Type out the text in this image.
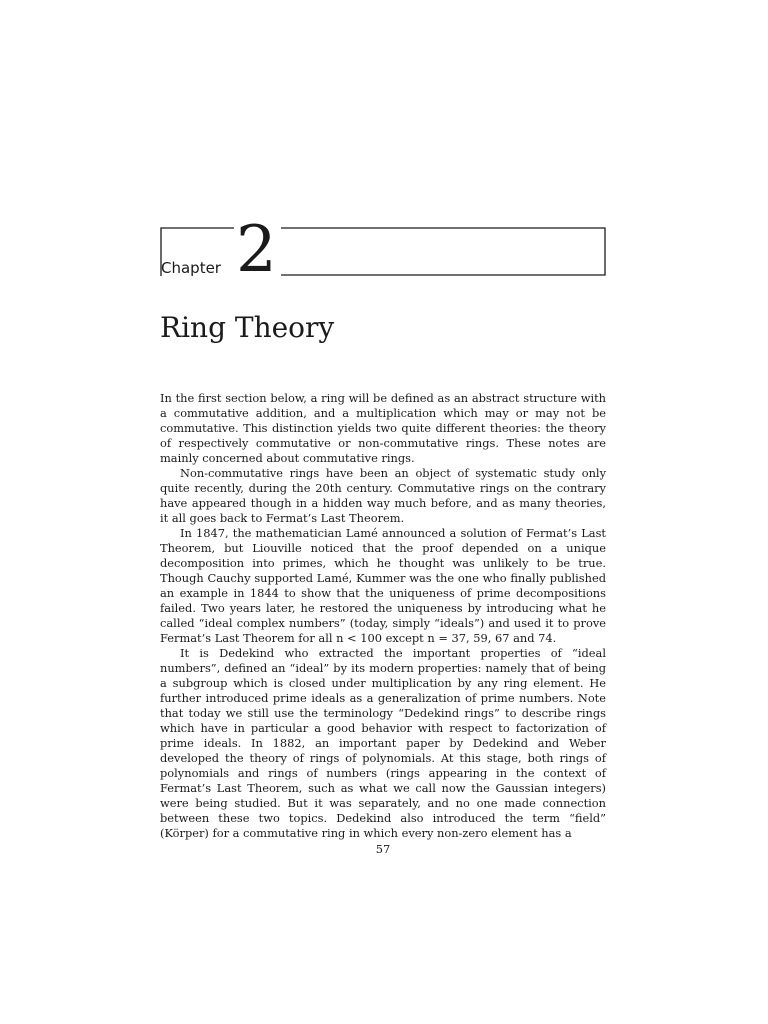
Chapter 2
Ring Theory

In the first section below, a ring will be defined as an abstract structure with a commutative addition, and a multiplication which may or may not be commutative. This distinction yields two quite different theories: the theory of respectively commutative or non-commutative rings. These notes are mainly concerned about commutative rings.

Non-commutative rings have been an object of systematic study only quite recently, during the 20th century. Commutative rings on the contrary have appeared though in a hidden way much before, and as many theories, it all goes back to Fermat’s Last Theorem.

In 1847, the mathematician Lamé announced a solution of Fermat’s Last Theorem, but Liouville noticed that the proof depended on a unique decomposition into primes, which he thought was unlikely to be true. Though Cauchy supported Lamé, Kummer was the one who finally published an example in 1844 to show that the uniqueness of prime decompositions failed. Two years later, he restored the uniqueness by introducing what he called “ideal complex numbers” (today, simply “ideals”) and used it to prove Fermat’s Last Theorem for all n < 100 except n = 37, 59, 67 and 74.

It is Dedekind who extracted the important properties of “ideal numbers”, defined an “ideal” by its modern properties: namely that of being a subgroup which is closed under multiplication by any ring element. He further introduced prime ideals as a generalization of prime numbers. Note that today we still use the terminology “Dedekind rings” to describe rings which have in particular a good behavior with respect to factorization of prime ideals. In 1882, an important paper by Dedekind and Weber developed the theory of rings of polynomials. At this stage, both rings of polynomials and rings of numbers (rings appearing in the context of Fermat’s Last Theorem, such as what we call now the Gaussian integers) were being studied. But it was separately, and no one made connection between these two topics. Dedekind also introduced the term “field” (Körper) for a commutative ring in which every non-zero element has a

57
